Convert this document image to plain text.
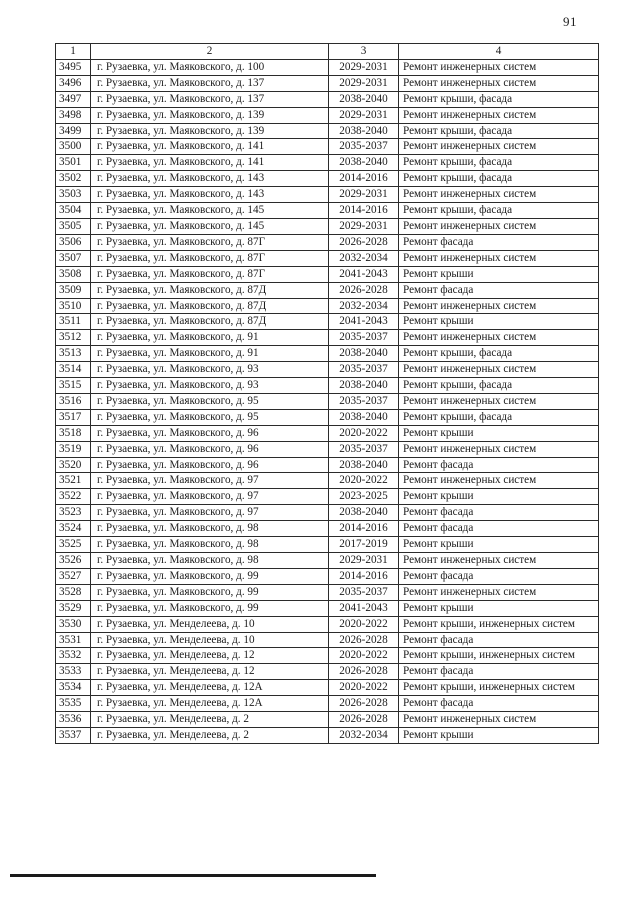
91
1	2	3	4
3495	г. Рузаевка, ул. Маяковского, д. 100	2029-2031	Ремонт инженерных систем
3496	г. Рузаевка, ул. Маяковского, д. 137	2029-2031	Ремонт инженерных систем
3497	г. Рузаевка, ул. Маяковского, д. 137	2038-2040	Ремонт крыши, фасада
3498	г. Рузаевка, ул. Маяковского, д. 139	2029-2031	Ремонт инженерных систем
3499	г. Рузаевка, ул. Маяковского, д. 139	2038-2040	Ремонт крыши, фасада
3500	г. Рузаевка, ул. Маяковского, д. 141	2035-2037	Ремонт инженерных систем
3501	г. Рузаевка, ул. Маяковского, д. 141	2038-2040	Ремонт крыши, фасада
3502	г. Рузаевка, ул. Маяковского, д. 143	2014-2016	Ремонт крыши, фасада
3503	г. Рузаевка, ул. Маяковского, д. 143	2029-2031	Ремонт инженерных систем
3504	г. Рузаевка, ул. Маяковского, д. 145	2014-2016	Ремонт крыши, фасада
3505	г. Рузаевка, ул. Маяковского, д. 145	2029-2031	Ремонт инженерных систем
3506	г. Рузаевка, ул. Маяковского, д. 87Г	2026-2028	Ремонт фасада
3507	г. Рузаевка, ул. Маяковского, д. 87Г	2032-2034	Ремонт инженерных систем
3508	г. Рузаевка, ул. Маяковского, д. 87Г	2041-2043	Ремонт крыши
3509	г. Рузаевка, ул. Маяковского, д. 87Д	2026-2028	Ремонт фасада
3510	г. Рузаевка, ул. Маяковского, д. 87Д	2032-2034	Ремонт инженерных систем
3511	г. Рузаевка, ул. Маяковского, д. 87Д	2041-2043	Ремонт крыши
3512	г. Рузаевка, ул. Маяковского, д. 91	2035-2037	Ремонт инженерных систем
3513	г. Рузаевка, ул. Маяковского, д. 91	2038-2040	Ремонт крыши, фасада
3514	г. Рузаевка, ул. Маяковского, д. 93	2035-2037	Ремонт инженерных систем
3515	г. Рузаевка, ул. Маяковского, д. 93	2038-2040	Ремонт крыши, фасада
3516	г. Рузаевка, ул. Маяковского, д. 95	2035-2037	Ремонт инженерных систем
3517	г. Рузаевка, ул. Маяковского, д. 95	2038-2040	Ремонт крыши, фасада
3518	г. Рузаевка, ул. Маяковского, д. 96	2020-2022	Ремонт крыши
3519	г. Рузаевка, ул. Маяковского, д. 96	2035-2037	Ремонт инженерных систем
3520	г. Рузаевка, ул. Маяковского, д. 96	2038-2040	Ремонт фасада
3521	г. Рузаевка, ул. Маяковского, д. 97	2020-2022	Ремонт инженерных систем
3522	г. Рузаевка, ул. Маяковского, д. 97	2023-2025	Ремонт крыши
3523	г. Рузаевка, ул. Маяковского, д. 97	2038-2040	Ремонт фасада
3524	г. Рузаевка, ул. Маяковского, д. 98	2014-2016	Ремонт фасада
3525	г. Рузаевка, ул. Маяковского, д. 98	2017-2019	Ремонт крыши
3526	г. Рузаевка, ул. Маяковского, д. 98	2029-2031	Ремонт инженерных систем
3527	г. Рузаевка, ул. Маяковского, д. 99	2014-2016	Ремонт фасада
3528	г. Рузаевка, ул. Маяковского, д. 99	2035-2037	Ремонт инженерных систем
3529	г. Рузаевка, ул. Маяковского, д. 99	2041-2043	Ремонт крыши
3530	г. Рузаевка, ул. Менделеева, д. 10	2020-2022	Ремонт крыши, инженерных систем
3531	г. Рузаевка, ул. Менделеева, д. 10	2026-2028	Ремонт фасада
3532	г. Рузаевка, ул. Менделеева, д. 12	2020-2022	Ремонт крыши, инженерных систем
3533	г. Рузаевка, ул. Менделеева, д. 12	2026-2028	Ремонт фасада
3534	г. Рузаевка, ул. Менделеева, д. 12А	2020-2022	Ремонт крыши, инженерных систем
3535	г. Рузаевка, ул. Менделеева, д. 12А	2026-2028	Ремонт фасада
3536	г. Рузаевка, ул. Менделеева, д. 2	2026-2028	Ремонт инженерных систем
3537	г. Рузаевка, ул. Менделеева, д. 2	2032-2034	Ремонт крыши
